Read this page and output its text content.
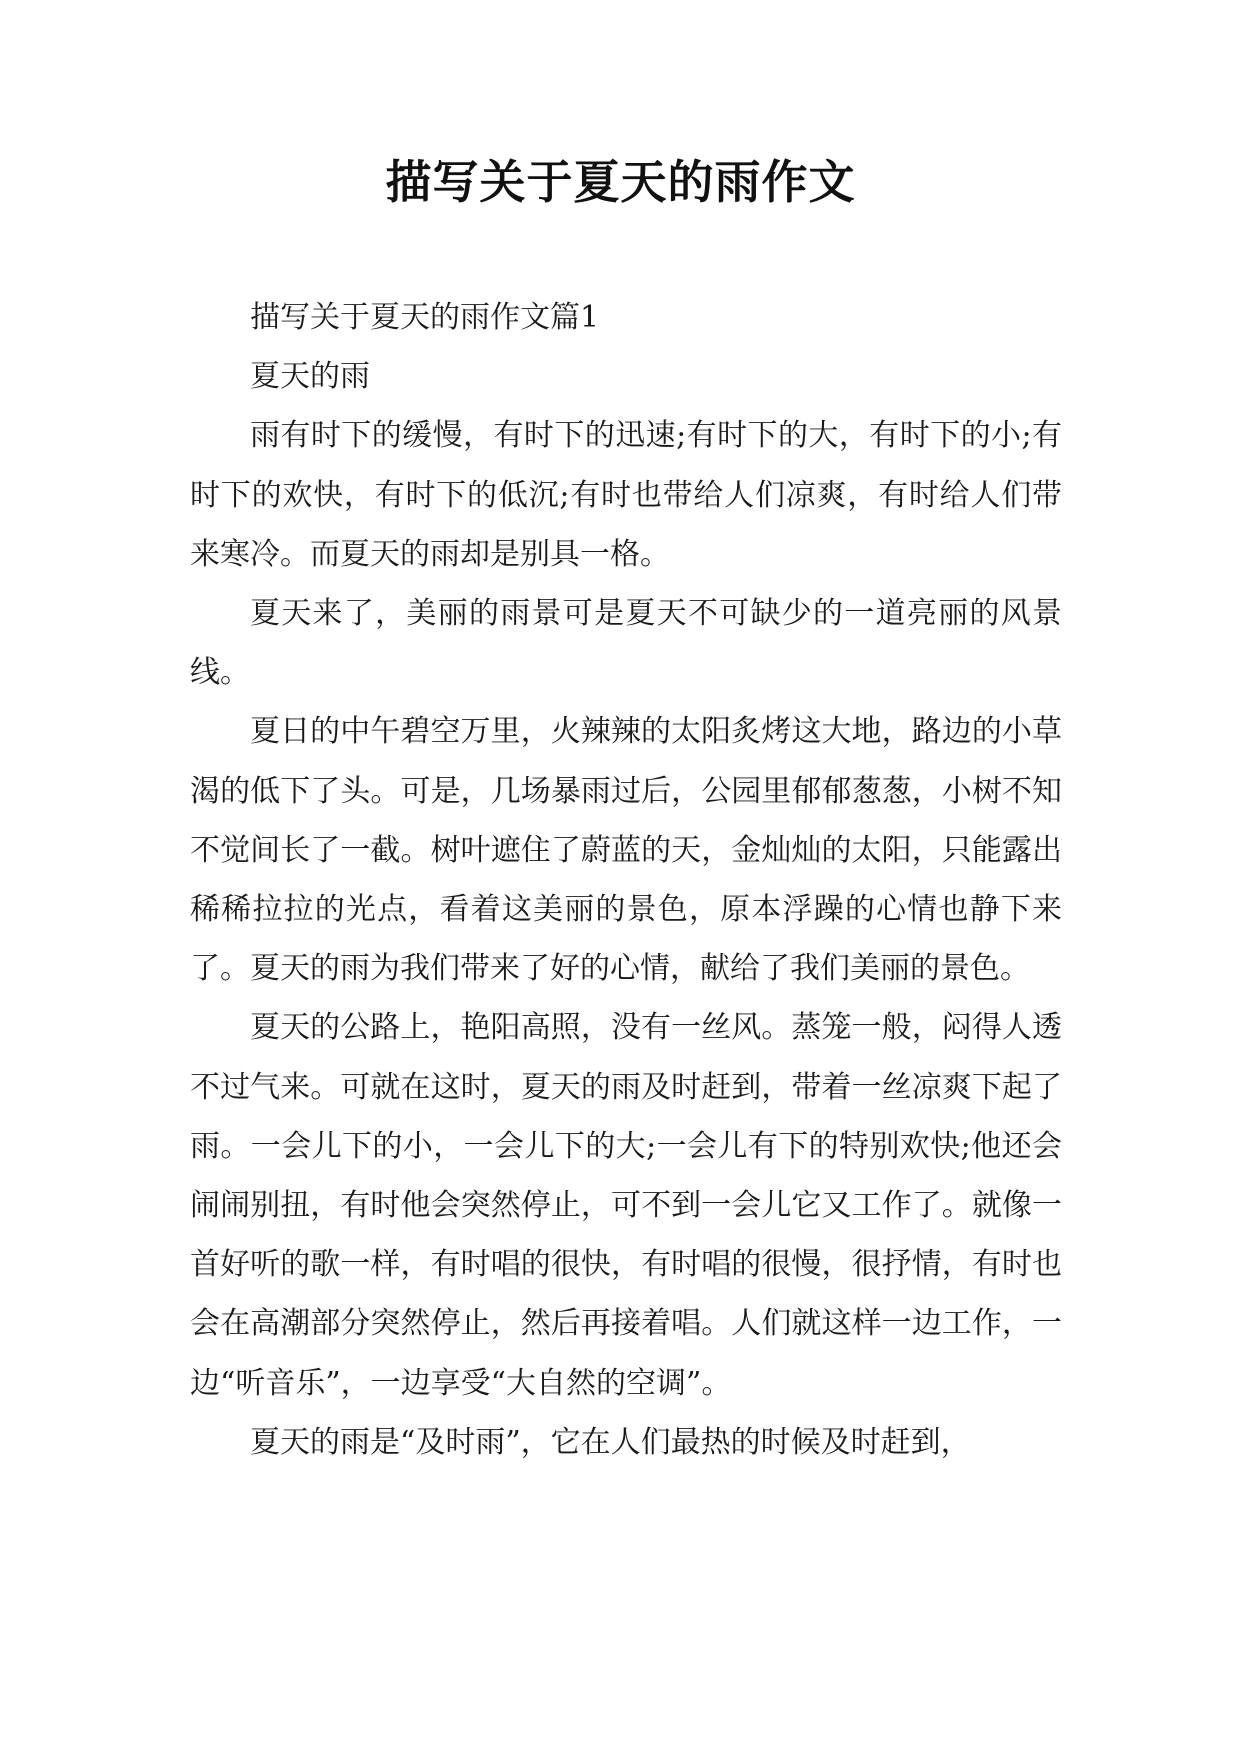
描写关于夏天的雨作文

描写关于夏天的雨作文篇1

夏天的雨

雨有时下的缓慢，有时下的迅速;有时下的大，有时下的小;有时下的欢快，有时下的低沉;有时也带给人们凉爽，有时给人们带来寒冷。而夏天的雨却是别具一格。

夏天来了，美丽的雨景可是夏天不可缺少的一道亮丽的风景线。

夏日的中午碧空万里，火辣辣的太阳炙烤这大地，路边的小草渴的低下了头。可是，几场暴雨过后，公园里郁郁葱葱，小树不知不觉间长了一截。树叶遮住了蔚蓝的天，金灿灿的太阳，只能露出稀稀拉拉的光点，看着这美丽的景色，原本浮躁的心情也静下来了。夏天的雨为我们带来了好的心情，献给了我们美丽的景色。

夏天的公路上，艳阳高照，没有一丝风。蒸笼一般，闷得人透不过气来。可就在这时，夏天的雨及时赶到，带着一丝凉爽下起了雨。一会儿下的小，一会儿下的大;一会儿有下的特别欢快;他还会闹闹别扭，有时他会突然停止，可不到一会儿它又工作了。就像一首好听的歌一样，有时唱的很快，有时唱的很慢，很抒情，有时也会在高潮部分突然停止，然后再接着唱。人们就这样一边工作，一边“听音乐”，一边享受“大自然的空调”。

夏天的雨是“及时雨”，它在人们最热的时候及时赶到，
